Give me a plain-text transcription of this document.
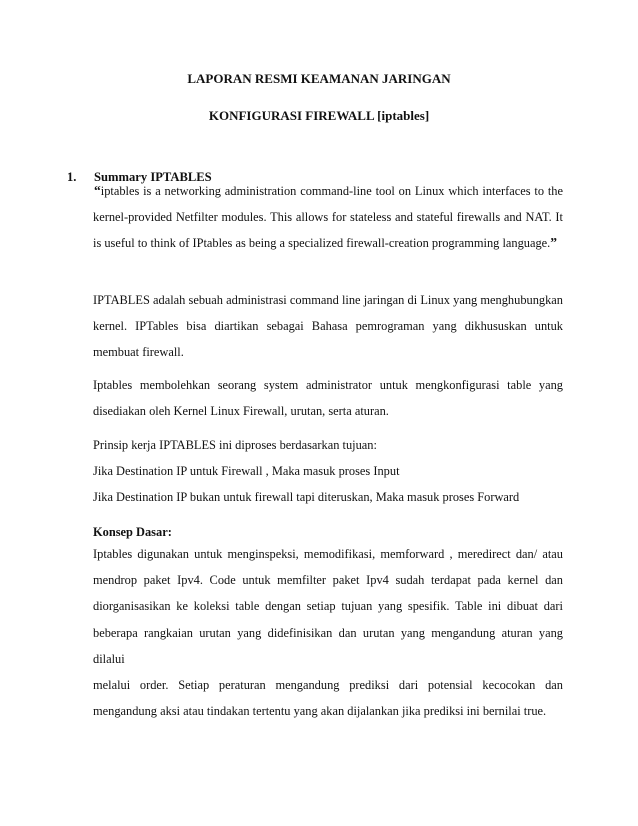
LAPORAN RESMI KEAMANAN JARINGAN
KONFIGURASI FIREWALL [iptables]
1. Summary IPTABLES
“iptables is a networking administration command-line tool on Linux which interfaces to the
kernel-provided Netfilter modules. This allows for stateless and stateful firewalls and NAT. It
is useful to think of IPtables as being a specialized firewall-creation programming language.”
IPTABLES adalah sebuah administrasi command line jaringan di Linux yang menghubungkan
kernel. IPTables bisa diartikan sebagai Bahasa pemrograman yang dikhususkan untuk
membuat firewall.
Iptables membolehkan seorang system administrator untuk mengkonfigurasi table yang
disediakan oleh Kernel Linux Firewall, urutan, serta aturan.
Prinsip kerja IPTABLES ini diproses berdasarkan tujuan:
Jika Destination IP untuk Firewall , Maka masuk proses Input
Jika Destination IP bukan untuk firewall tapi diteruskan, Maka masuk proses Forward
Konsep Dasar:
Iptables digunakan untuk menginspeksi, memodifikasi, memforward , meredirect dan/ atau
mendrop paket Ipv4. Code untuk memfilter paket Ipv4 sudah terdapat pada kernel dan
diorganisasikan ke koleksi table dengan setiap tujuan yang spesifik. Table ini dibuat dari
beberapa rangkaian urutan yang didefinisikan dan urutan yang mengandung aturan yang dilalui
melalui order. Setiap peraturan mengandung prediksi dari potensial kecocokan dan
mengandung aksi atau tindakan tertentu yang akan dijalankan jika prediksi ini bernilai true.
